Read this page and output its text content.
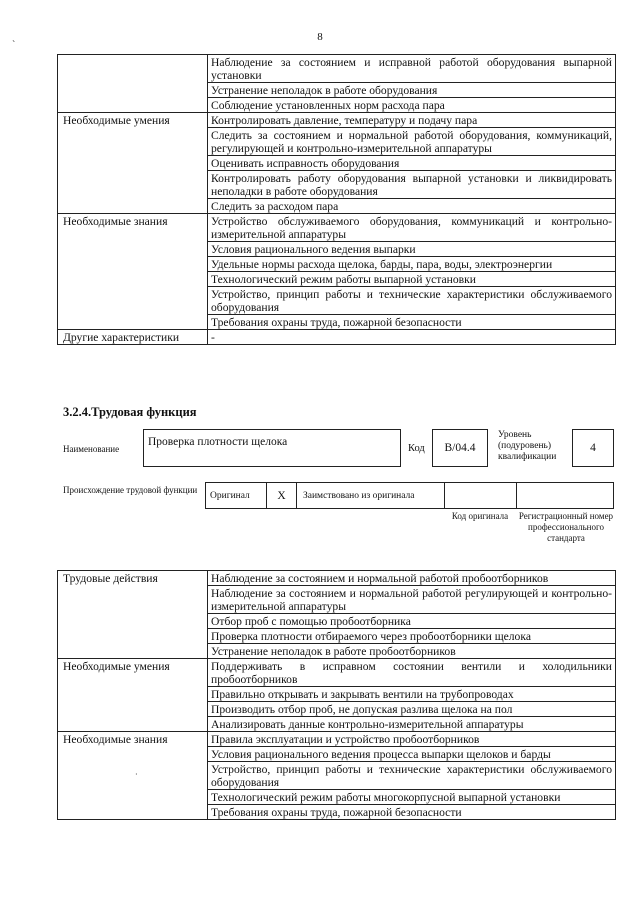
8
`
·
	Наблюдение за состоянием и исправной работой оборудования выпарной установки
	Устранение неполадок в работе оборудования
	Соблюдение установленных норм расхода пара
Необходимые умения	Контролировать давление, температуру и подачу пара
	Следить за состоянием и нормальной работой оборудования, коммуникаций, регулирующей и контрольно-измерительной аппаратуры
	Оценивать исправность оборудования
	Контролировать работу оборудования выпарной установки и ликвидировать неполадки в работе оборудования
	Следить за расходом пара
Необходимые знания	Устройство обслуживаемого оборудования, коммуникаций и контрольно-измерительной аппаратуры
	Условия рационального ведения выпарки
	Удельные нормы расхода щелока, барды, пара, воды, электроэнергии
	Технологический режим работы выпарной установки
	Устройство, принцип работы и технические характеристики обслуживаемого оборудования
	Требования охраны труда, пожарной безопасности
Другие характеристики	-
3.2.4.Трудовая функция
Наименование
Проверка плотности щелока
Код B/04.4
Уровень (подуровень) квалификации
4
Происхождение трудовой функции
Оригинал X Заимствовано из оригинала
Код оригинала	Регистрационный номер профессионального стандарта
Трудовые действия	Наблюдение за состоянием и нормальной работой пробоотборников
	Наблюдение за состоянием и нормальной работой регулирующей и контрольно-измерительной аппаратуры
	Отбор проб с помощью пробоотборника
	Проверка плотности отбираемого через пробоотборники щелока
	Устранение неполадок в работе пробоотборников
Необходимые умения	Поддерживать в исправном состоянии вентили и холодильники пробоотборников
	Правильно открывать и закрывать вентили на трубопроводах
	Производить отбор проб, не допуская разлива щелока на пол
	Анализировать данные контрольно-измерительной аппаратуры
Необходимые знания	Правила эксплуатации и устройство пробоотборников
	Условия рационального ведения процесса выпарки щелоков и барды
	Устройство, принцип работы и технические характеристики обслуживаемого оборудования
	Технологический режим работы многокорпусной выпарной установки
	Требования охраны труда, пожарной безопасности
